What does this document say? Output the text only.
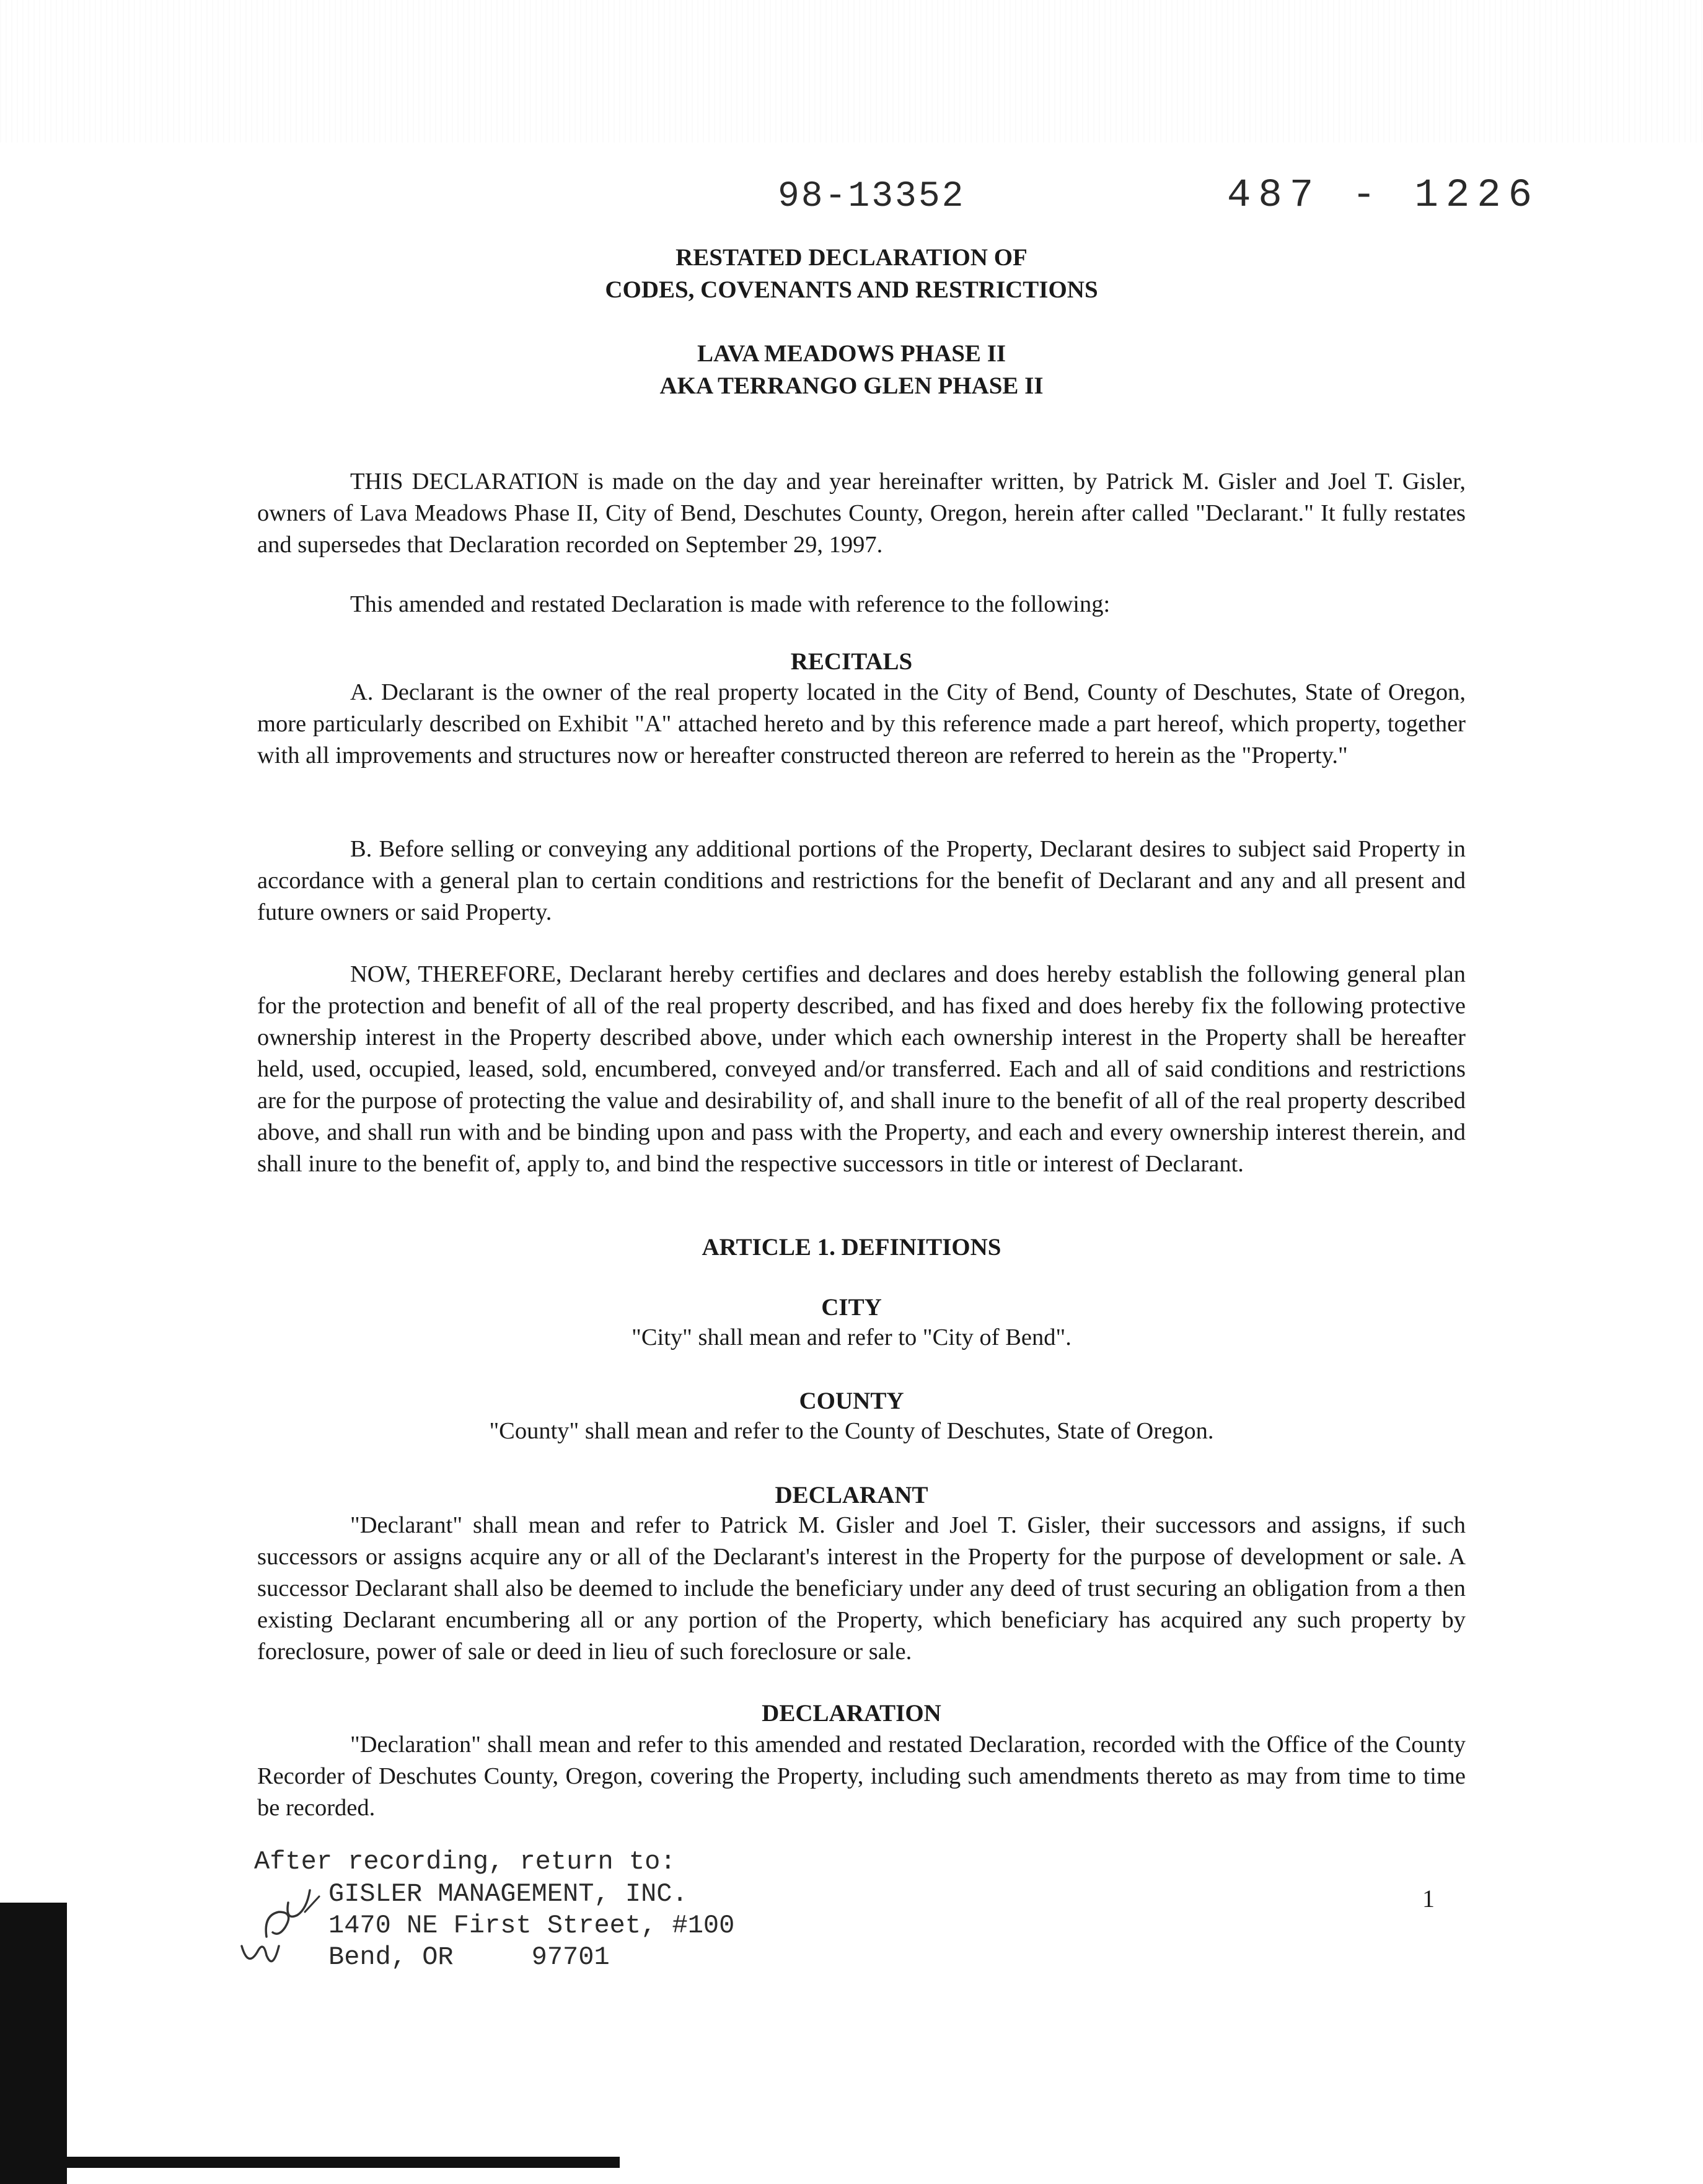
98-13352	487 - 1226
RESTATED DECLARATION OF
CODES, COVENANTS AND RESTRICTIONS
LAVA MEADOWS PHASE II
AKA TERRANGO GLEN PHASE II

THIS DECLARATION is made on the day and year hereinafter written, by Patrick M. Gisler and Joel T. Gisler, owners of Lava Meadows Phase II, City of Bend, Deschutes County, Oregon, herein after called "Declarant." It fully restates and supersedes that Declaration recorded on September 29, 1997.

This amended and restated Declaration is made with reference to the following:

RECITALS

A. Declarant is the owner of the real property located in the City of Bend, County of Deschutes, State of Oregon, more particularly described on Exhibit "A" attached hereto and by this reference made a part hereof, which property, together with all improvements and structures now or hereafter constructed thereon are referred to herein as the "Property."

B. Before selling or conveying any additional portions of the Property, Declarant desires to subject said Property in accordance with a general plan to certain conditions and restrictions for the benefit of Declarant and any and all present and future owners or said Property.

NOW, THEREFORE, Declarant hereby certifies and declares and does hereby establish the following general plan for the protection and benefit of all of the real property described, and has fixed and does hereby fix the following protective ownership interest in the Property described above, under which each ownership interest in the Property shall be hereafter held, used, occupied, leased, sold, encumbered, conveyed and/or transferred. Each and all of said conditions and restrictions are for the purpose of protecting the value and desirability of, and shall inure to the benefit of all of the real property described above, and shall run with and be binding upon and pass with the Property, and each and every ownership interest therein, and shall inure to the benefit of, apply to, and bind the respective successors in title or interest of Declarant.

ARTICLE 1. DEFINITIONS
CITY
"City" shall mean and refer to "City of Bend".
COUNTY
"County" shall mean and refer to the County of Deschutes, State of Oregon.
DECLARANT

"Declarant" shall mean and refer to Patrick M. Gisler and Joel T. Gisler, their successors and assigns, if such successors or assigns acquire any or all of the Declarant's interest in the Property for the purpose of development or sale. A successor Declarant shall also be deemed to include the beneficiary under any deed of trust securing an obligation from a then existing Declarant encumbering all or any portion of the Property, which beneficiary has acquired any such property by foreclosure, power of sale or deed in lieu of such foreclosure or sale.

DECLARATION

"Declaration" shall mean and refer to this amended and restated Declaration, recorded with the Office of the County Recorder of Deschutes County, Oregon, covering the Property, including such amendments thereto as may from time to time be recorded.

After recording, return to:
GISLER MANAGEMENT, INC.
1470 NE First Street, #100
Bend, OR     97701
1
